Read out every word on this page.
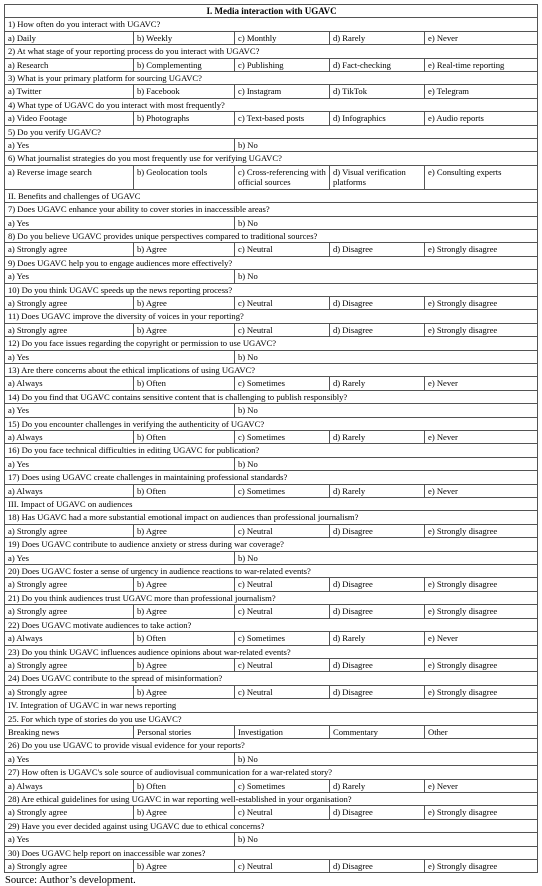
I. Media interaction with UGAVC				
1) How often do you interact with UGAVC?				
a) Daily	b) Weekly	c) Monthly	d) Rarely	e) Never
2) At what stage of your reporting process do you interact with UGAVC?				
a) Research	b) Complementing	c) Publishing	d) Fact-checking	e) Real-time reporting
3) What is your primary platform for sourcing UGAVC?				
a) Twitter	b) Facebook	c) Instagram	d) TikTok	e) Telegram
4) What type of UGAVC do you interact with most frequently?				
a) Video Footage	b) Photographs	c) Text-based posts	d) Infographics	e) Audio reports
5) Do you verify UGAVC?				
a) Yes		b) No		
6) What journalist strategies do you most frequently use for verifying UGAVC?				
a) Reverse image search	b) Geolocation tools	c) Cross-referencing with official sources	d) Visual verification platforms	e) Consulting experts
II. Benefits and challenges of UGAVC				
7) Does UGAVC enhance your ability to cover stories in inaccessible areas?				
a) Yes		b) No		
8) Do you believe UGAVC provides unique perspectives compared to traditional sources?				
a) Strongly agree	b) Agree	c) Neutral	d) Disagree	e) Strongly disagree
9) Does UGAVC help you to engage audiences more effectively?				
a) Yes		b) No		
10) Do you think UGAVC speeds up the news reporting process?				
a) Strongly agree	b) Agree	c) Neutral	d) Disagree	e) Strongly disagree
11) Does UGAVC improve the diversity of voices in your reporting?				
a) Strongly agree	b) Agree	c) Neutral	d) Disagree	e) Strongly disagree
12) Do you face issues regarding the copyright or permission to use UGAVC?				
a) Yes		b) No		
13) Are there concerns about the ethical implications of using UGAVC?				
a) Always	b) Often	c) Sometimes	d) Rarely	e) Never
14) Do you find that UGAVC contains sensitive content that is challenging to publish responsibly?				
a) Yes		b) No		
15) Do you encounter challenges in verifying the authenticity of UGAVC?				
a) Always	b) Often	c) Sometimes	d) Rarely	e) Never
16) Do you face technical difficulties in editing UGAVC for publication?				
a) Yes		b) No		
17) Does using UGAVC create challenges in maintaining professional standards?				
a) Always	b) Often	c) Sometimes	d) Rarely	e) Never
III. Impact of UGAVC on audiences				
18) Has UGAVC had a more substantial emotional impact on audiences than professional journalism?				
a) Strongly agree	b) Agree	c) Neutral	d) Disagree	e) Strongly disagree
19) Does UGAVC contribute to audience anxiety or stress during war coverage?				
a) Yes		b) No		
20) Does UGAVC foster a sense of urgency in audience reactions to war-related events?				
a) Strongly agree	b) Agree	c) Neutral	d) Disagree	e) Strongly disagree
21) Do you think audiences trust UGAVC more than professional journalism?				
a) Strongly agree	b) Agree	c) Neutral	d) Disagree	e) Strongly disagree
22) Does UGAVC motivate audiences to take action?				
a) Always	b) Often	c) Sometimes	d) Rarely	e) Never
23) Do you think UGAVC influences audience opinions about war-related events?				
a) Strongly agree	b) Agree	c) Neutral	d) Disagree	e) Strongly disagree
24) Does UGAVC contribute to the spread of misinformation?				
a) Strongly agree	b) Agree	c) Neutral	d) Disagree	e) Strongly disagree
IV. Integration of UGAVC in war news reporting				
25. For which type of stories do you use UGAVC?				
Breaking news	Personal stories	Investigation	Commentary	Other
26) Do you use UGAVC to provide visual evidence for your reports?				
a) Yes		b) No		
27) How often is UGAVC's sole source of audiovisual communication for a war-related story?				
a) Always	b) Often	c) Sometimes	d) Rarely	e) Never
28) Are ethical guidelines for using UGAVC in war reporting well-established in your organisation?				
a) Strongly agree	b) Agree	c) Neutral	d) Disagree	e) Strongly disagree
29) Have you ever decided against using UGAVC due to ethical concerns?				
a) Yes		b) No		
30) Does UGAVC help report on inaccessible war zones?				
a) Strongly agree	b) Agree	c) Neutral	d) Disagree	e) Strongly disagree
Source: Author’s development.
